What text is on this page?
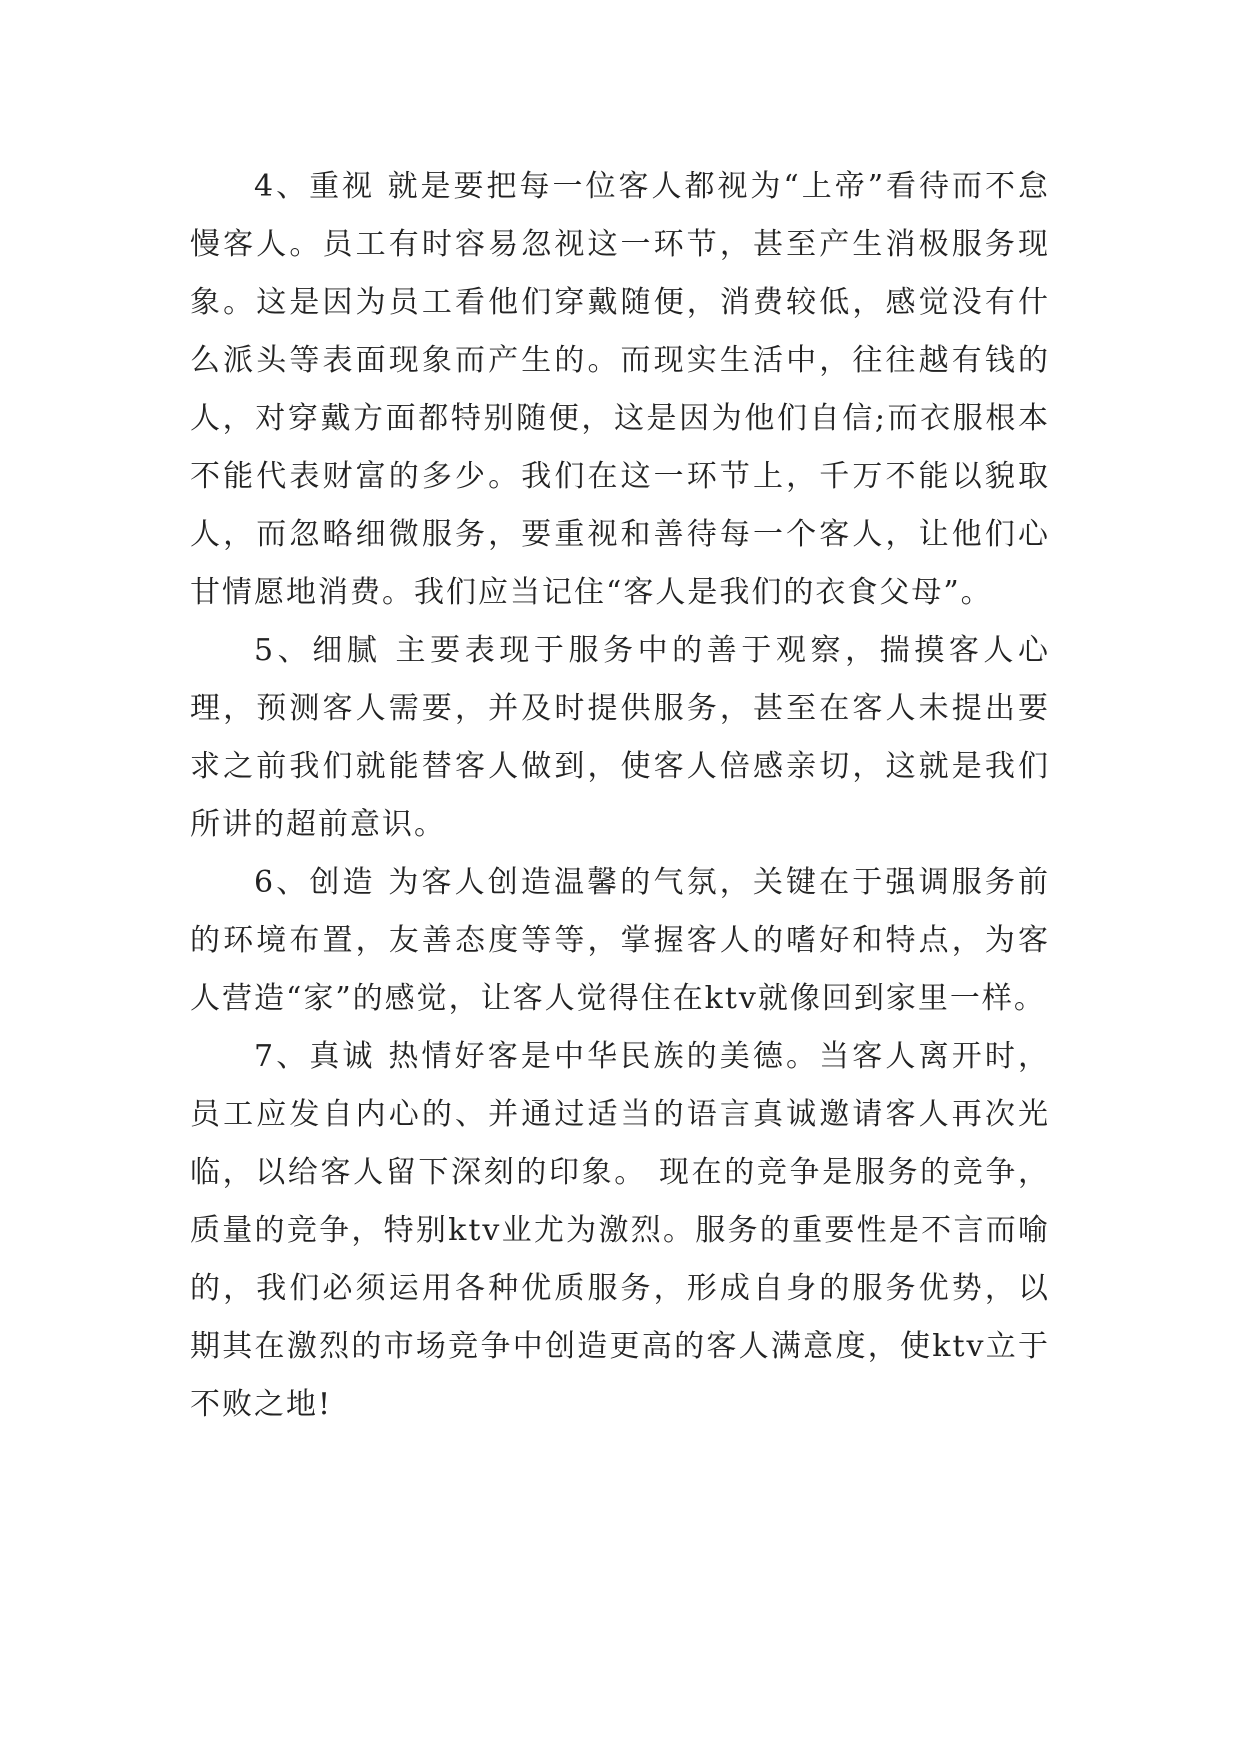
4、重视 就是要把每一位客人都视为“上帝”看待而不怠慢客人。员工有时容易忽视这一环节，甚至产生消极服务现象。这是因为员工看他们穿戴随便，消费较低，感觉没有什么派头等表面现象而产生的。而现实生活中，往往越有钱的人，对穿戴方面都特别随便，这是因为他们自信;而衣服根本不能代表财富的多少。我们在这一环节上，千万不能以貌取人，而忽略细微服务，要重视和善待每一个客人，让他们心甘情愿地消费。我们应当记住“客人是我们的衣食父母”。

5、细腻 主要表现于服务中的善于观察，揣摸客人心理，预测客人需要，并及时提供服务，甚至在客人未提出要求之前我们就能替客人做到，使客人倍感亲切，这就是我们所讲的超前意识。

6、创造 为客人创造温馨的气氛，关键在于强调服务前的环境布置，友善态度等等，掌握客人的嗜好和特点，为客人营造“家”的感觉，让客人觉得住在ktv就像回到家里一样。

7、真诚 热情好客是中华民族的美德。当客人离开时，员工应发自内心的、并通过适当的语言真诚邀请客人再次光临，以给客人留下深刻的印象。 现在的竞争是服务的竞争，质量的竞争，特别ktv业尤为激烈。服务的重要性是不言而喻的，我们必须运用各种优质服务，形成自身的服务优势，以期其在激烈的市场竞争中创造更高的客人满意度，使ktv立于不败之地!
